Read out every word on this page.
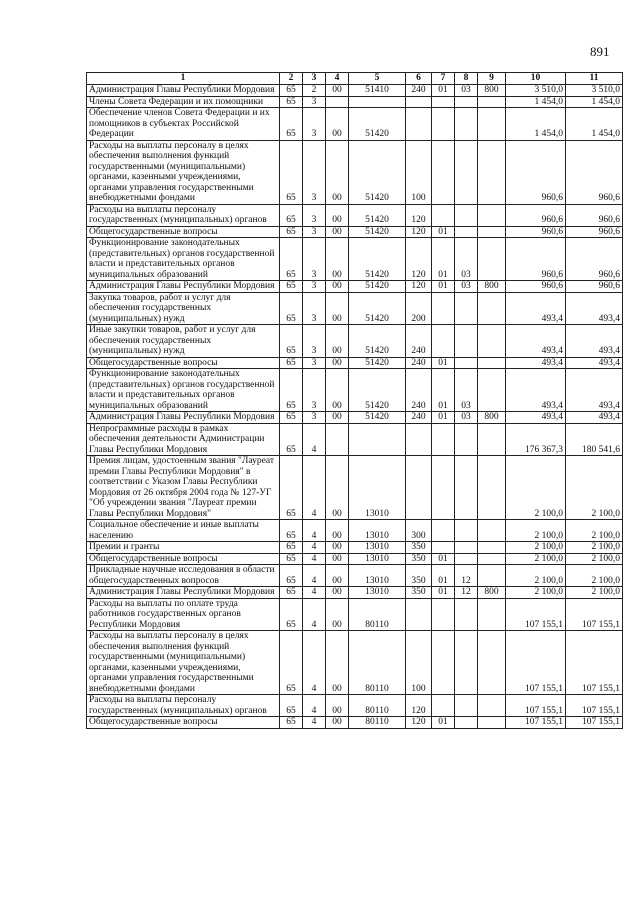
891
1	2	3	4	5	6	7	8	9	10	11
Администрация Главы Республики Мордовия	65	2	00	51410	240	01	03	800	3 510,0	3 510,0
Члены Совета Федерации и их помощники	65	3							1 454,0	1 454,0
Обеспечение членов Совета Федерации и их помощников в субъектах Российской Федерации	65	3	00	51420					1 454,0	1 454,0
Расходы на выплаты персоналу в целях обеспечения выполнения функций государственными (муниципальными) органами, казенными учреждениями, органами управления государственными внебюджетными фондами	65	3	00	51420	100				960,6	960,6
Расходы на выплаты персоналу государственных (муниципальных) органов	65	3	00	51420	120				960,6	960,6
Общегосударственные вопросы	65	3	00	51420	120	01			960,6	960,6
Функционирование законодательных (представительных) органов государственной власти и представительных органов муниципальных образований	65	3	00	51420	120	01	03		960,6	960,6
Администрация Главы Республики Мордовия	65	3	00	51420	120	01	03	800	960,6	960,6
Закупка товаров, работ и услуг для обеспечения государственных (муниципальных) нужд	65	3	00	51420	200				493,4	493,4
Иные закупки товаров, работ и услуг для обеспечения государственных (муниципальных) нужд	65	3	00	51420	240				493,4	493,4
Общегосударственные вопросы	65	3	00	51420	240	01			493,4	493,4
Функционирование законодательных (представительных) органов государственной власти и представительных органов муниципальных образований	65	3	00	51420	240	01	03		493,4	493,4
Администрация Главы Республики Мордовия	65	3	00	51420	240	01	03	800	493,4	493,4
Непрограммные расходы в рамках обеспечения деятельности Администрации Главы Республики Мордовия	65	4							176 367,3	180 541,6
Премия лицам, удостоенным звания "Лауреат премии Главы Республики Мордовия" в соответствии с Указом Главы Республики Мордовия от 26 октября 2004 года № 127-УГ "Об учреждении звания "Лауреат премии Главы Республики Мордовия"	65	4	00	13010					2 100,0	2 100,0
Социальное обеспечение и иные выплаты населению	65	4	00	13010	300				2 100,0	2 100,0
Премии и гранты	65	4	00	13010	350				2 100,0	2 100,0
Общегосударственные вопросы	65	4	00	13010	350	01			2 100,0	2 100,0
Прикладные научные исследования в области общегосударственных вопросов	65	4	00	13010	350	01	12		2 100,0	2 100,0
Администрация Главы Республики Мордовия	65	4	00	13010	350	01	12	800	2 100,0	2 100,0
Расходы на выплаты по оплате труда работников государственных органов Республики Мордовия	65	4	00	80110					107 155,1	107 155,1
Расходы на выплаты персоналу в целях обеспечения выполнения функций государственными (муниципальными) органами, казенными учреждениями, органами управления государственными внебюджетными фондами	65	4	00	80110	100				107 155,1	107 155,1
Расходы на выплаты персоналу государственных (муниципальных) органов	65	4	00	80110	120				107 155,1	107 155,1
Общегосударственные вопросы	65	4	00	80110	120	01			107 155,1	107 155,1
